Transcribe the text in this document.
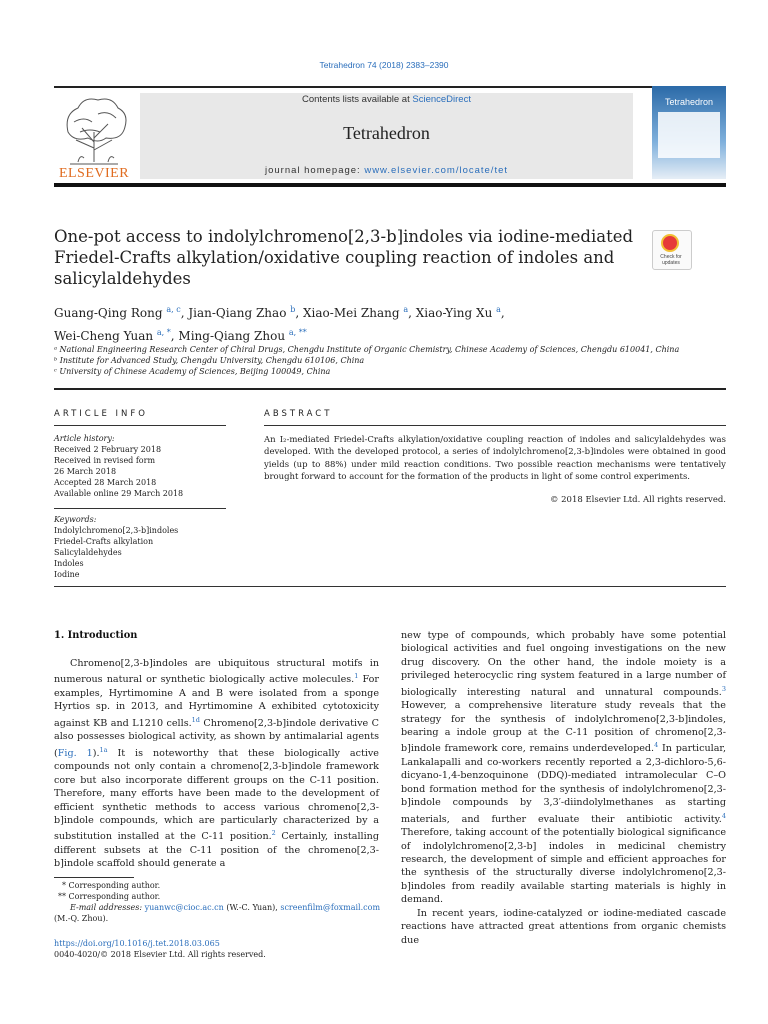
Tetrahedron 74 (2018) 2383–2390
ELSEVIER
Contents lists available at ScienceDirect
Tetrahedron
journal homepage: www.elsevier.com/locate/tet
Tetrahedron
One-pot access to indolylchromeno[2,3-b]indoles via iodine-mediated Friedel-Crafts alkylation/oxidative coupling reaction of indoles and salicylaldehydes
Check for updates
Guang-Qing Rong $^{a, c}$, Jian-Qiang Zhao $^b$, Xiao-Mei Zhang $^a$, Xiao-Ying Xu $^a$,
Wei-Cheng Yuan $^{a, *}$, Ming-Qiang Zhou $^{a, **}$
ᵃ National Engineering Research Center of Chiral Drugs, Chengdu Institute of Organic Chemistry, Chinese Academy of Sciences, Chengdu 610041, China
ᵇ Institute for Advanced Study, Chengdu University, Chengdu 610106, China
ᶜ University of Chinese Academy of Sciences, Beijing 100049, China
ARTICLE INFO
Article history:
Received 2 February 2018
Received in revised form
26 March 2018
Accepted 28 March 2018
Available online 29 March 2018
Keywords:
Indolylchromeno[2,3-b]indoles
Friedel-Crafts alkylation
Salicylaldehydes
Indoles
Iodine
ABSTRACT
An I₂-mediated Friedel-Crafts alkylation/oxidative coupling reaction of indoles and salicylaldehydes was developed. With the developed protocol, a series of indolylchromeno[2,3-b]indoles were obtained in good yields (up to 88%) under mild reaction conditions. Two possible reaction mechanisms were tentatively brought forward to account for the formation of the products in light of some control experiments.
© 2018 Elsevier Ltd. All rights reserved.
1. Introduction

Chromeno[2,3-b]indoles are ubiquitous structural motifs in numerous natural or synthetic biologically active molecules.$^1$ For examples, Hyrtimomine A and B were isolated from a sponge Hyrtios sp. in 2013, and Hyrtimomine A exhibited cytotoxicity against KB and L1210 cells.$^{1d}$ Chromeno[2,3-b]indole derivative C also possesses biological activity, as shown by antimalarial agents (Fig. 1).$^{1a}$ It is noteworthy that these biologically active compounds not only contain a chromeno[2,3-b]indole framework core but also incorporate different groups on the C-11 position. Therefore, many efforts have been made to the development of efficient synthetic methods to access various chromeno[2,3-b]indole compounds, which are particularly characterized by a substitution installed at the C-11 position.$^2$ Certainly, installing different subsets at the C-11 position of the chromeno[2,3-b]indole scaffold should generate a

new type of compounds, which probably have some potential biological activities and fuel ongoing investigations on the new drug discovery. On the other hand, the indole moiety is a privileged heterocyclic ring system featured in a large number of biologically interesting natural and unnatural compounds.$^3$ However, a comprehensive literature study reveals that the strategy for the synthesis of indolylchromeno[2,3-b]indoles, bearing a indole group at the C-11 position of chromeno[2,3-b]indole framework core, remains underdeveloped.$^4$ In particular, Lankalapalli and co-workers recently reported a 2,3-dichloro-5,6-dicyano-1,4-benzoquinone (DDQ)-mediated intramolecular C–O bond formation method for the synthesis of indolylchromeno[2,3-b]indole compounds by 3,3′-diindolylmethanes as starting materials, and further evaluate their antibiotic activity.$^4$ Therefore, taking account of the potentially biological significance of indolylchromeno[2,3-b] indoles in medicinal chemistry research, the development of simple and efficient approaches for the synthesis of the structurally diverse indolylchromeno[2,3-b]indoles from readily available starting materials is highly in demand.

In recent years, iodine-catalyzed or iodine-mediated cascade reactions have attracted great attentions from organic chemists due

* Corresponding author.
** Corresponding author.
E-mail addresses: yuanwc@cioc.ac.cn (W.-C. Yuan), screenfilm@foxmail.com
(M.-Q. Zhou).
https://doi.org/10.1016/j.tet.2018.03.065
0040-4020/© 2018 Elsevier Ltd. All rights reserved.
